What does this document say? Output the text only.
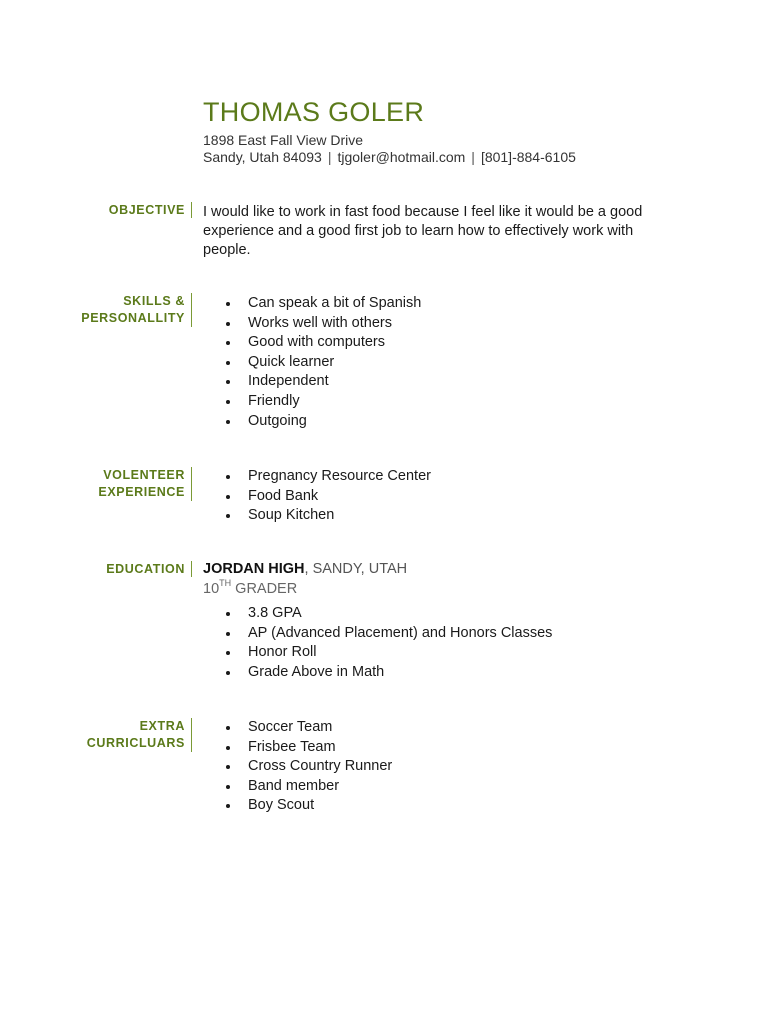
THOMAS GOLER
1898 East Fall View Drive
Sandy, Utah 84093 | tjgoler@hotmail.com | [801]-884-6105
OBJECTIVE I would like to work in fast food because I feel like it would be a good experience and a good first job to learn how to effectively work with people.
SKILLS &
PERSONALLITY
Can speak a bit of Spanish
Works well with others
Good with computers
Quick learner
Independent
Friendly
Outgoing
VOLENTEER
EXPERIENCE
Pregnancy Resource Center
Food Bank
Soup Kitchen
EDUCATION JORDAN HIGH, SANDY, UTAH
10TH GRADER
3.8 GPA
AP (Advanced Placement) and Honors Classes
Honor Roll
Grade Above in Math
EXTRA
CURRICLUARS
Soccer Team
Frisbee Team
Cross Country Runner
Band member
Boy Scout
